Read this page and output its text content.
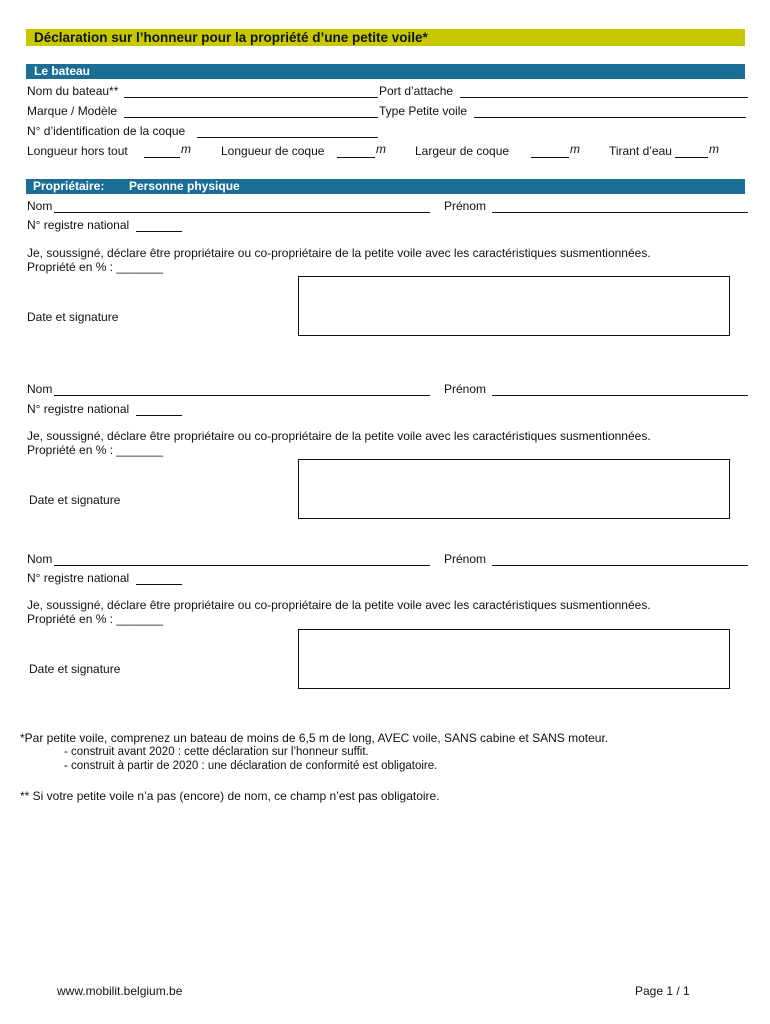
Déclaration sur l’honneur pour la propriété d’une petite voile*
Le bateau
Nom du bateau**	Port d’attache
Marque / Modèle	Type Petite voile
N° d’identification de la coque
Longueur hors tout	m	Longueur de coque	m Largeur de coque	m Tirant d’eau	m
Propriétaire: Personne physique
Nom	Prénom
N° registre national
Je, soussigné, déclare être propriétaire ou co-propriétaire de la petite voile avec les caractéristiques susmentionnées.
Propriété en % : _______
Date et signature
Nom	Prénom
N° registre national
Je, soussigné, déclare être propriétaire ou co-propriétaire de la petite voile avec les caractéristiques susmentionnées.
Propriété en % : _______
Date et signature
Nom	Prénom
N° registre national
Je, soussigné, déclare être propriétaire ou co-propriétaire de la petite voile avec les caractéristiques susmentionnées.
Propriété en % : _______
Date et signature
*Par petite voile, comprenez un bateau de moins de 6,5 m de long, AVEC voile, SANS cabine et SANS moteur.
- construit avant 2020 : cette déclaration sur l’honneur suffit.
- construit à partir de 2020 : une déclaration de conformité est obligatoire.
** Si votre petite voile n’a pas (encore) de nom, ce champ n’est pas obligatoire.
www.mobilit.belgium.be	Page 1 / 1
